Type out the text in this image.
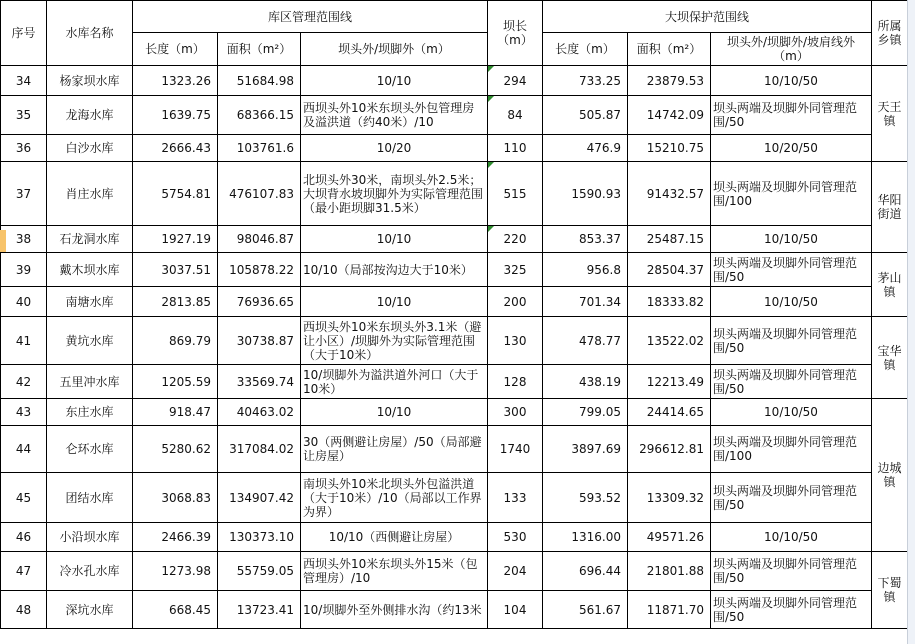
序号	水库名称	库区管理范围线			坝长（m）	大坝保护范围线			所属乡镇
		长度（m）	面积（m²）	坝头外/坝脚外（m）		长度（m）	面积（m²）	坝头外/坝脚外/坡肩线外（m）	
34	杨家坝水库	1323.26	51684.98	10/10	294	733.25	23879.53	10/10/50	天王镇
35	龙海水库	1639.75	68366.15	西坝头外10米东坝头外包管理房及溢洪道（约40米）/10	84	505.87	14742.09	坝头两端及坝脚外同管理范围/50	
36	白沙水库	2666.43	103761.6	10/20	110	476.9	15210.75	10/20/50	
37	肖庄水库	5754.81	476107.83	北坝头外30米，南坝头外2.5米；大坝背水坡坝脚外为实际管理范围（最小距坝脚31.5米）	515	1590.93	91432.57	坝头两端及坝脚外同管理范围/100	华阳街道
38	石龙洞水库	1927.19	98046.87	10/10	220	853.37	25487.15	10/10/50	
39	戴木坝水库	3037.51	105878.22	10/10（局部按沟边大于10米）	325	956.8	28504.37	坝头两端及坝脚外同管理范围/50	茅山镇
40	南塘水库	2813.85	76936.65	10/10	200	701.34	18333.82	10/10/50	
41	黄坑水库	869.79	30738.87	西坝头外10米东坝头外3.1米（避让小区）/坝脚外为实际管理范围（大于10米）	130	478.77	13522.02	坝头两端及坝脚外同管理范围/50	宝华镇
42	五里冲水库	1205.59	33569.74	10/坝脚外为溢洪道外河口（大于10米）	128	438.19	12213.49	坝头两端及坝脚外同管理范围/50	
43	东庄水库	918.47	40463.02	10/10	300	799.05	24414.65	10/10/50	边城镇
44	仑环水库	5280.62	317084.02	30（两侧避让房屋）/50（局部避让房屋）	1740	3897.69	296612.81	坝头两端及坝脚外同管理范围/100	
45	团结水库	3068.83	134907.42	南坝头外10米北坝头外包溢洪道（大于10米）/10（局部以工作界为界）	133	593.52	13309.32	坝头两端及坝脚外同管理范围/50	
46	小沿坝水库	2466.39	130373.10	10/10（西侧避让房屋）	530	1316.00	49571.26	10/10/50	
47	冷水孔水库	1273.98	55759.05	西坝头外10米东坝头外15米（包管理房）/10	204	696.44	21801.88	坝头两端及坝脚外同管理范围/50	下蜀镇
48	深坑水库	668.45	13723.41	10/坝脚外至外侧排水沟（约13米	104	561.67	11871.70	坝头两端及坝脚外同管理范围/50	
